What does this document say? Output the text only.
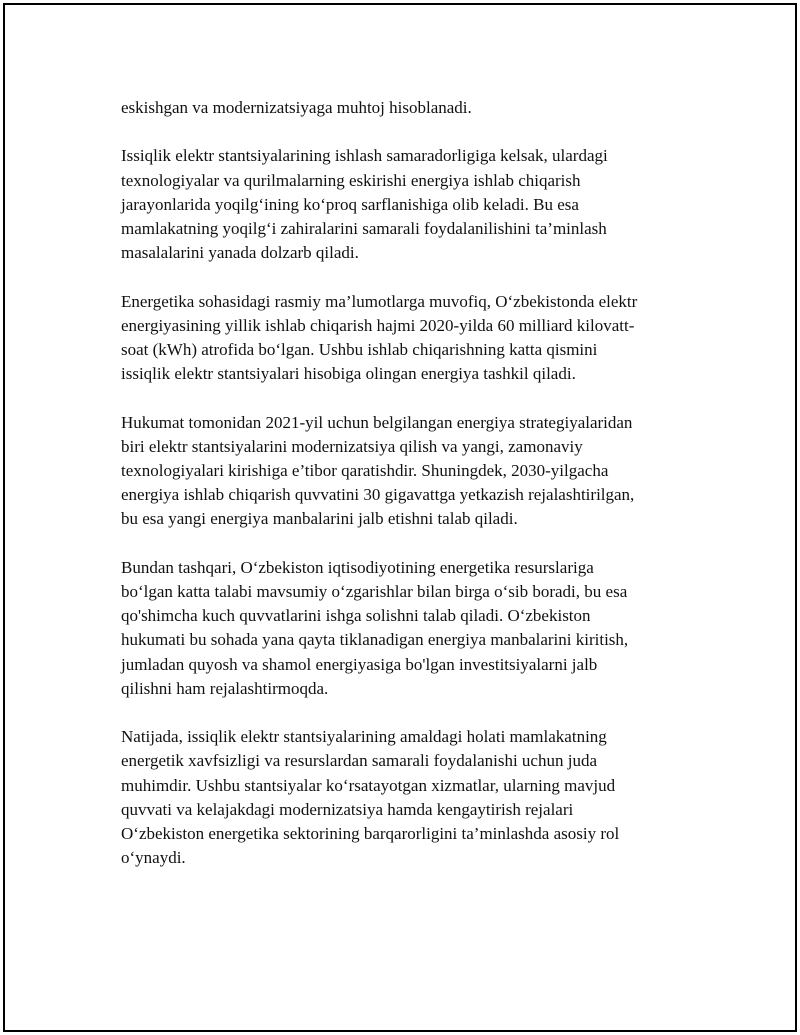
eskishgan va modernizatsiyaga muhtoj hisoblanadi.

Issiqlik elektr stantsiyalarining ishlash samaradorligiga kelsak, ulardagi
texnologiyalar va qurilmalarning eskirishi energiya ishlab chiqarish
jarayonlarida yoqilg‘ining ko‘proq sarflanishiga olib keladi. Bu esa
mamlakatning yoqilg‘i zahiralarini samarali foydalanilishini ta’minlash
masalalarini yanada dolzarb qiladi.

Energetika sohasidagi rasmiy ma’lumotlarga muvofiq, O‘zbekistonda elektr
energiyasining yillik ishlab chiqarish hajmi 2020-yilda 60 milliard kilovatt-
soat (kWh) atrofida bo‘lgan. Ushbu ishlab chiqarishning katta qismini
issiqlik elektr stantsiyalari hisobiga olingan energiya tashkil qiladi.

Hukumat tomonidan 2021-yil uchun belgilangan energiya strategiyalaridan
biri elektr stantsiyalarini modernizatsiya qilish va yangi, zamonaviy
texnologiyalari kirishiga e’tibor qaratishdir. Shuningdek, 2030-yilgacha
energiya ishlab chiqarish quvvatini 30 gigavattga yetkazish rejalashtirilgan,
bu esa yangi energiya manbalarini jalb etishni talab qiladi.

Bundan tashqari, O‘zbekiston iqtisodiyotining energetika resurslariga
bo‘lgan katta talabi mavsumiy o‘zgarishlar bilan birga o‘sib boradi, bu esa
qo'shimcha kuch quvvatlarini ishga solishni talab qiladi. O‘zbekiston
hukumati bu sohada yana qayta tiklanadigan energiya manbalarini kiritish,
jumladan quyosh va shamol energiyasiga bo'lgan investitsiyalarni jalb
qilishni ham rejalashtirmoqda.

Natijada, issiqlik elektr stantsiyalarining amaldagi holati mamlakatning
energetik xavfsizligi va resurslardan samarali foydalanishi uchun juda
muhimdir. Ushbu stantsiyalar ko‘rsatayotgan xizmatlar, ularning mavjud
quvvati va kelajakdagi modernizatsiya hamda kengaytirish rejalari
O‘zbekiston energetika sektorining barqarorligini ta’minlashda asosiy rol
o‘ynaydi.
